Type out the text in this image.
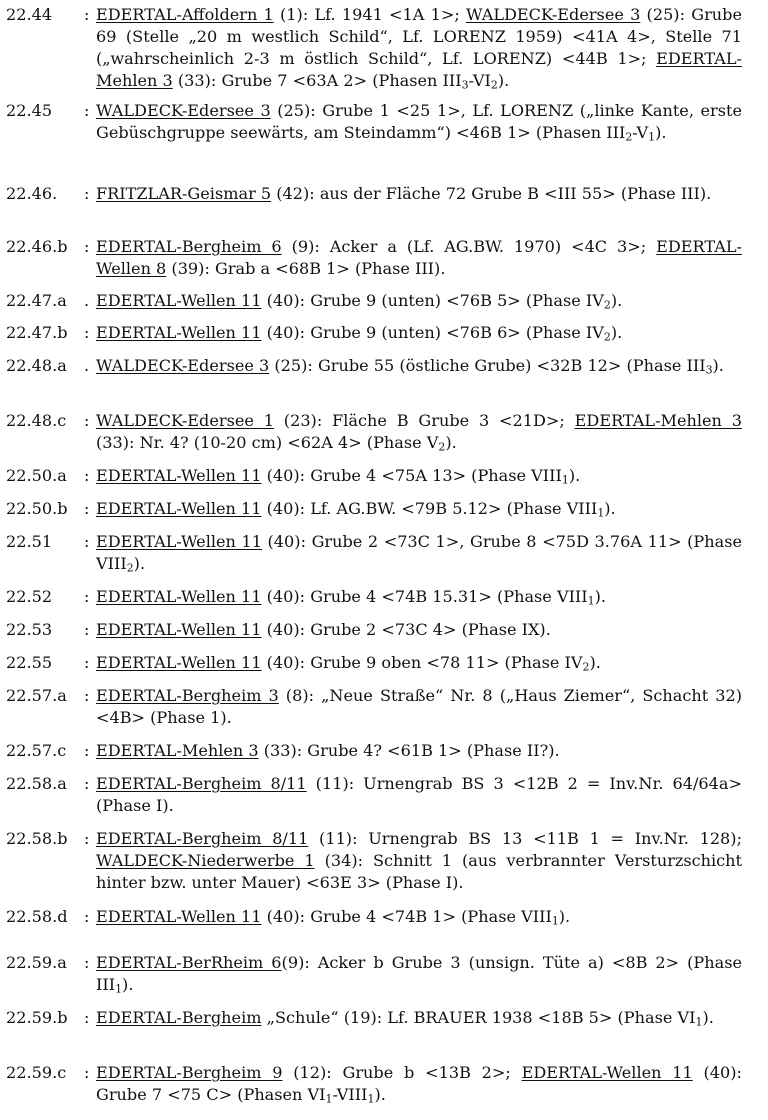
22.44	: EDERTAL-Affoldern 1 (1): Lf. 1941 <1A 1>; WALDECK-Edersee 3 (25): Grube 69 (Stelle „20 m westlich Schild“, Lf. LORENZ 1959) <41A 4>, Stelle 71 („wahrscheinlich 2-3 m östlich Schild“, Lf. LORENZ) <44B 1>; EDERTAL-Mehlen 3 (33): Grube 7 <63A 2> (Phasen $III_3-VI_2$).
22.45	: WALDECK-Edersee 3 (25): Grube 1 <25 1>, Lf. LORENZ („linke Kante, erste Gebüschgruppe seewärts, am Steindamm“) <46B 1> (Phasen $III_2-V_1$).
22.46.	: FRITZLAR-Geismar 5 (42): aus der Fläche 72 Grube B <III 55> (Phase III).
22.46.b	: EDERTAL-Bergheim 6 (9): Acker a (Lf. AG.BW. 1970) <4C 3>; EDERTAL-Wellen 8 (39): Grab a <68B 1> (Phase III).
22.47.a	. EDERTAL-Wellen 11 (40): Grube 9 (unten) <76B 5> (Phase $IV_2$).
22.47.b	: EDERTAL-Wellen 11 (40): Grube 9 (unten) <76B 6> (Phase $IV_2$).
22.48.a	. WALDECK-Edersee 3 (25): Grube 55 (östliche Grube) <32B 12> (Phase $III_3$).
22.48.c	: WALDECK-Edersee 1 (23): Fläche B Grube 3 <21D>; EDERTAL-Mehlen 3 (33): Nr. 4? (10-20 cm) <62A 4> (Phase $V_2$).
22.50.a	: EDERTAL-Wellen 11 (40): Grube 4 <75A 13> (Phase $VIII_1$).
22.50.b	: EDERTAL-Wellen 11 (40): Lf. AG.BW. <79B 5.12> (Phase $VIII_1$).
22.51	: EDERTAL-Wellen 11 (40): Grube 2 <73C 1>, Grube 8 <75D 3.76A 11> (Phase $VIII_2$).
22.52	: EDERTAL-Wellen 11 (40): Grube 4 <74B 15.31> (Phase $VIII_1$).
22.53	: EDERTAL-Wellen 11 (40): Grube 2 <73C 4> (Phase IX).
22.55	: EDERTAL-Wellen 11 (40): Grube 9 oben <78 11> (Phase $IV_2$).
22.57.a	: EDERTAL-Bergheim 3 (8): „Neue Straße“ Nr. 8 („Haus Ziemer“, Schacht 32) <4B> (Phase 1).
22.57.c	: EDERTAL-Mehlen 3 (33): Grube 4? <61B 1> (Phase II?).
22.58.a	: EDERTAL-Bergheim 8/11 (11): Urnengrab BS 3 <12B 2 = Inv.Nr. 64/64a> (Phase I).
22.58.b	: EDERTAL-Bergheim 8/11 (11): Urnengrab BS 13 <11B 1 = Inv.Nr. 128); WALDECK-Niederwerbe 1 (34): Schnitt 1 (aus verbrannter Versturzschicht hinter bzw. unter Mauer) <63E 3> (Phase I).
22.58.d	: EDERTAL-Wellen 11 (40): Grube 4 <74B 1> (Phase $VIII_1$).
22.59.a	: EDERTAL-BerRheim 6(9): Acker b Grube 3 (unsign. Tüte a) <8B 2> (Phase $III_1$).
22.59.b	: EDERTAL-Bergheim „Schule“ (19): Lf. BRAUER 1938 <18B 5> (Phase $VI_1$).
22.59.c	: EDERTAL-Bergheim 9 (12): Grube b <13B 2>; EDERTAL-Wellen 11 (40): Grube 7 <75 C> (Phasen $VI_1-VIII_1$).
